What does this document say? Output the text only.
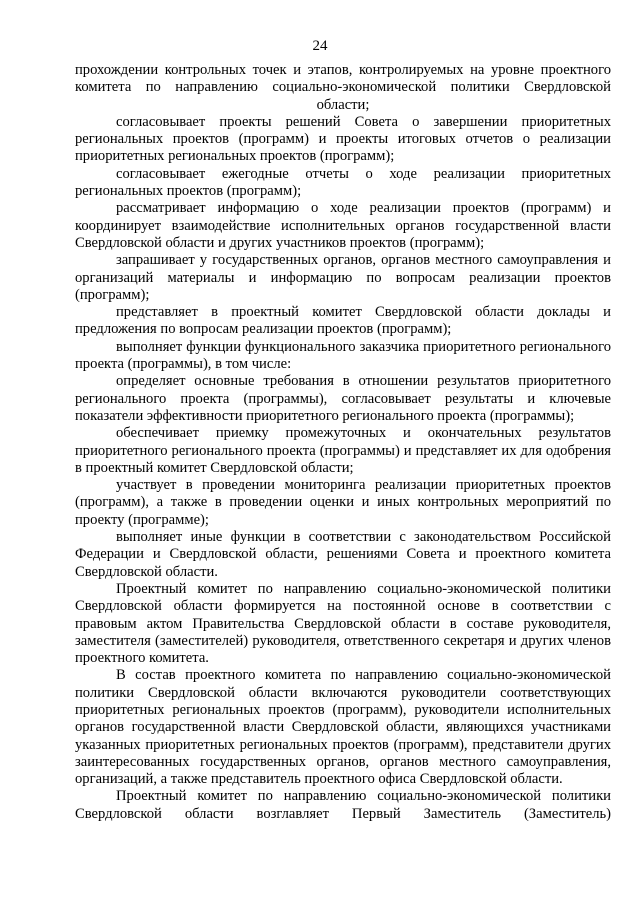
24

прохождении контрольных точек и этапов, контролируемых на уровне проектного комитета по направлению социально-экономической политики Свердловской области;

согласовывает проекты решений Совета о завершении приоритетных региональных проектов (программ) и проекты итоговых отчетов о реализации приоритетных региональных проектов (программ);

согласовывает ежегодные отчеты о ходе реализации приоритетных региональных проектов (программ);

рассматривает информацию о ходе реализации проектов (программ) и координирует взаимодействие исполнительных органов государственной власти Свердловской области и других участников проектов (программ);

запрашивает у государственных органов, органов местного самоуправления и организаций материалы и информацию по вопросам реализации проектов (программ);

представляет в проектный комитет Свердловской области доклады и предложения по вопросам реализации проектов (программ);

выполняет функции функционального заказчика приоритетного регионального проекта (программы), в том числе:

определяет основные требования в отношении результатов приоритетного регионального проекта (программы), согласовывает результаты и ключевые показатели эффективности приоритетного регионального проекта (программы);

обеспечивает приемку промежуточных и окончательных результатов приоритетного регионального проекта (программы) и представляет их для одобрения в проектный комитет Свердловской области;

участвует в проведении мониторинга реализации приоритетных проектов (программ), а также в проведении оценки и иных контрольных мероприятий по проекту (программе);

выполняет иные функции в соответствии с законодательством Российской Федерации и Свердловской области, решениями Совета и проектного комитета Свердловской области.

Проектный комитет по направлению социально-экономической политики Свердловской области формируется на постоянной основе в соответствии с правовым актом Правительства Свердловской области в составе руководителя, заместителя (заместителей) руководителя, ответственного секретаря и других членов проектного комитета.

В состав проектного комитета по направлению социально-экономической политики Свердловской области включаются руководители соответствующих приоритетных региональных проектов (программ), руководители исполнительных органов государственной власти Свердловской области, являющихся участниками указанных приоритетных региональных проектов (программ), представители других заинтересованных государственных органов, органов местного самоуправления, организаций, а также представитель проектного офиса Свердловской области.

Проектный комитет по направлению социально-экономической политики Свердловской области возглавляет Первый Заместитель (Заместитель)
